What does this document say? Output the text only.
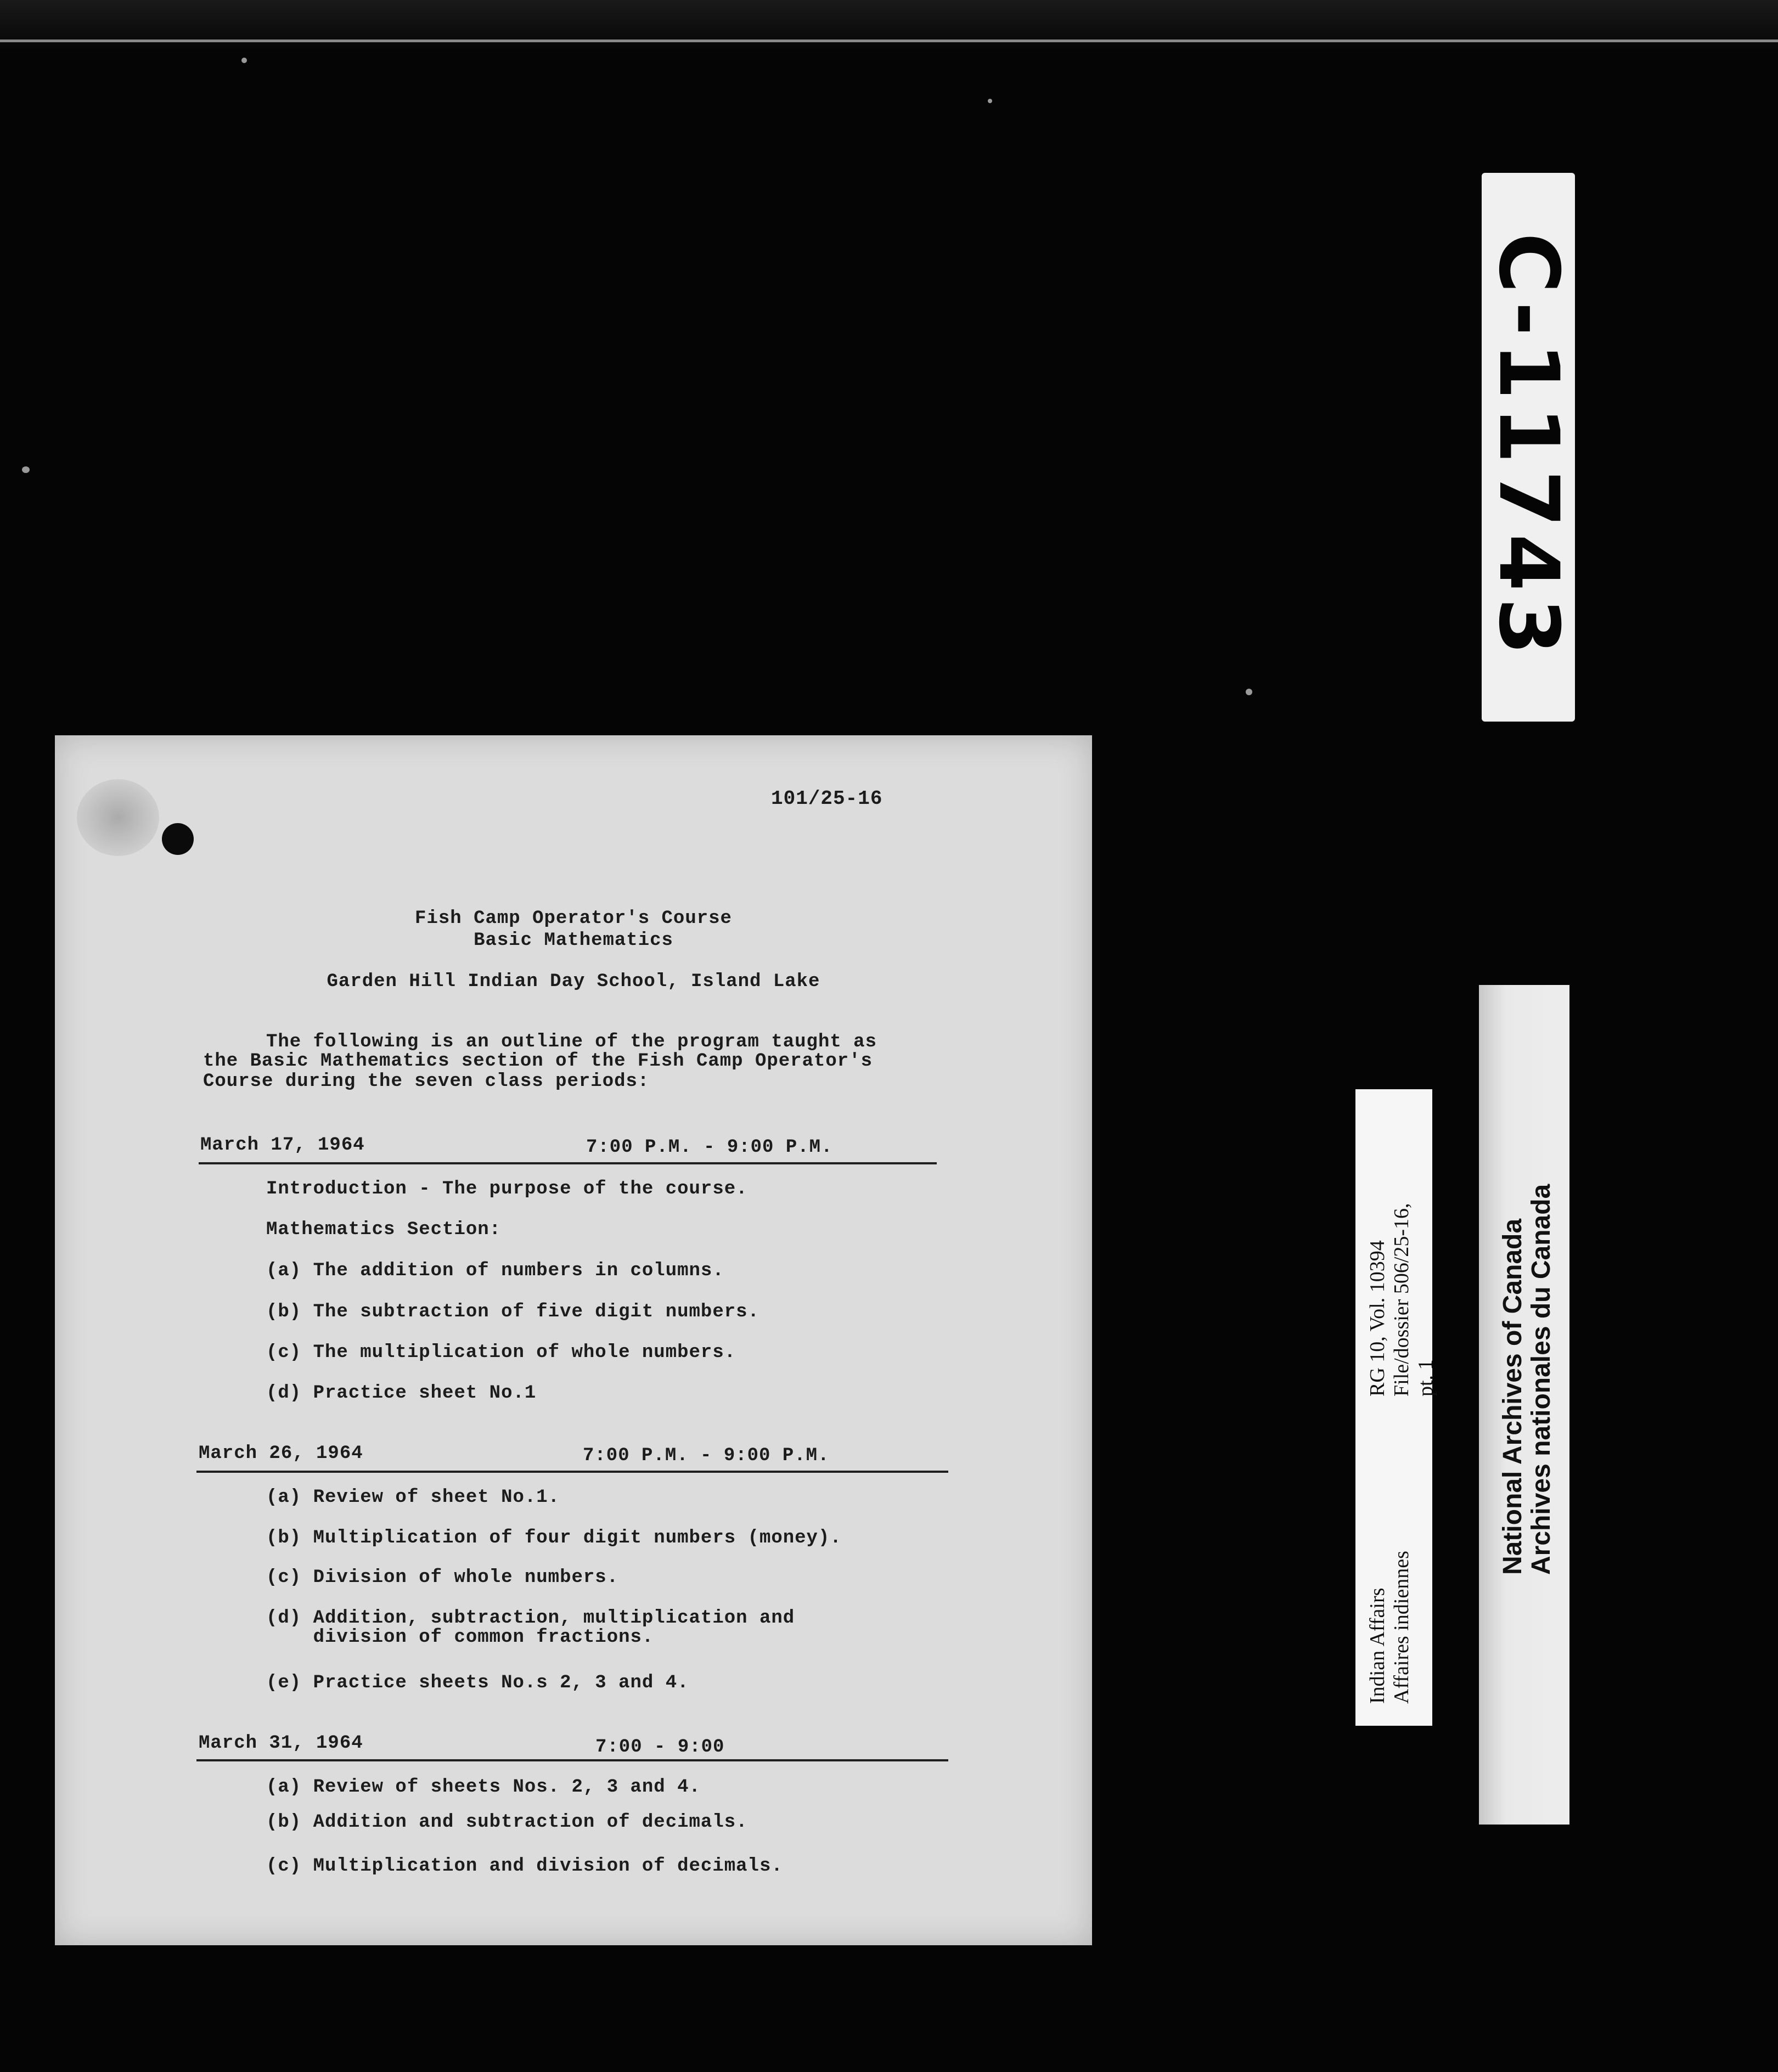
C-11743
Indian Affairs Affaires indiennes
RG 10, Vol. 10394 File/dossier 506/25-16, pt. 1 National Archives of Canada Archives nationales du Canada
101/25-16
Fish Camp Operator's Course
Basic Mathematics
Garden Hill Indian Day School, Island Lake
The following is an outline of the program taught as
the Basic Mathematics section of the Fish Camp Operator's
Course during the seven class periods:
March 17, 1964	7:00 P.M. - 9:00 P.M.
Introduction - The purpose of the course.
Mathematics Section:
(a) The addition of numbers in columns.
(b) The subtraction of five digit numbers.
(c) The multiplication of whole numbers.
(d) Practice sheet No.1
March 26, 1964	7:00 P.M. - 9:00 P.M.
(a) Review of sheet No.1.
(b) Multiplication of four digit numbers (money).
(c) Division of whole numbers.
(d) Addition, subtraction, multiplication and
division of common fractions.
(e) Practice sheets No.s 2, 3 and 4.
March 31, 1964	7:00 - 9:00
(a) Review of sheets Nos. 2, 3 and 4.
(b) Addition and subtraction of decimals.
(c) Multiplication and division of decimals.
